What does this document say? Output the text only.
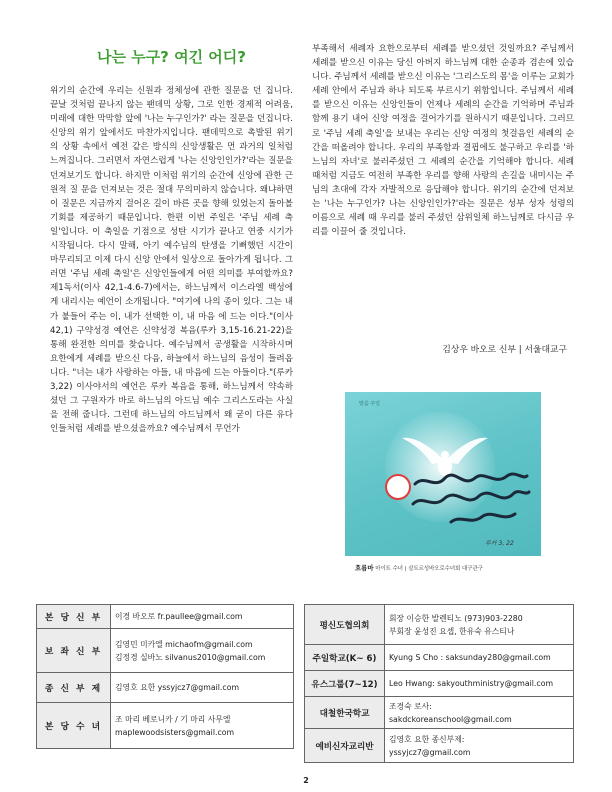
나는 누구? 여긴 어디?

위기의 순간에 우리는 신원과 정체성에 관한 질문을 던 집니다. 끝날 것처럼 끝나지 않는 팬데믹 상황, 그로 인한 경제적 어려움, 미래에 대한 막막함 앞에 '나는 누구인가?' 라는 질문을 던집니다. 신앙의 위기 앞에서도 마찬가지입니다. 팬데믹으로 촉발된 위기의 상황 속에서 예전 같은 방식의 신앙생활은 먼 과거의 일처럼 느껴집니다. 그러면서 자연스럽게 '나는 신앙인인가?'라는 질문을 던져보기도 합니다. 하지만 이처럼 위기의 순간에 신앙에 관한 근원적 질 문을 던져보는 것은 절대 무의미하지 않습니다. 왜냐하면 이 질문은 지금까지 걸어온 길이 바른 곳을 향해 있었는지 돌아볼 기회를 제공하기 때문입니다. 한편 이번 주일은 '주님 세례 축일'입니다. 이 축일을 기점으로 성탄 시기가 끝나고 연중 시기가 시작됩니다. 다시 말해, 아기 예수님의 탄생을 기뻐했던 시간이 마무리되고 이제 다시 신앙 안에서 일상으로 돌아가게 됩니다. 그러면 '주님 세례 축일'은 신앙인들에게 어떤 의미를 부여할까요? 제1독서(이사 42,1-4.6-7)에서는, 하느님께서 이스라엘 백성에게 내리시는 예언이 소개됩니다. "여기에 나의 종이 있다. 그는 내가 붙들어 주는 이, 내가 선택한 이, 내 마음 에 드는 이다."(이사 42,1) 구약성경 예언은 신약성경 복음(루카 3,15-16.21-22)을 통해 완전한 의미를 찾습니다. 예수님께서 공생활을 시작하시며 요한에게 세례를 받으신 다음, 하늘에서 하느님의 음성이 들려옵니다. "너는 내가 사랑하는 아들, 내 마음에 드는 아들이다."(루카 3,22) 이사야서의 예언은 루카 복음을 통해, 하느님께서 약속하셨던 그 구원자가 바로 하느님의 아드님 예수 그리스도라는 사실을 전해 줍니다. 그런데 하느님의 아드님께서 왜 굳이 다른 유다인들처럼 세례를 받으셨을까요? 예수님께서 무언가

부족해서 세례자 요한으로부터 세례를 받으셨던 것일까요? 주님께서 세례를 받으신 이유는 당신 아버지 하느님께 대한 순종과 겸손에 있습니다. 주님께서 세례를 받으신 이유는 '그리스도의 몸'을 이루는 교회가 세례 안에서 주님과 하나 되도록 부르시기 위함입니다. 주님께서 세례를 받으신 이유는 신앙인들이 언제나 세례의 순간을 기억하며 주님과 함께 용기 내어 신앙 여정을 걸어가기를 원하시기 때문입니다. 그러므로 '주님 세례 축일'을 보내는 우리는 신앙 여정의 첫걸음인 세례의 순간을 떠올려야 합니다. 우리의 부족함과 결핍에도 불구하고 우리를 '하느님의 자녀'로 불러주셨던 그 세례의 순간을 기억해야 합니다. 세례 때처럼 지금도 여전히 부족한 우리를 향해 사랑의 손길을 내미시는 주님의 초대에 각자 자발적으로 응답해야 합니다. 위기의 순간에 던져보는 '나는 누구인가? 나는 신앙인인가?'라는 질문은 성부 성자 성령의 이름으로 세례 때 우리를 불러 주셨던 삼위일체 하느님께로 다시금 우리를 이끌어 줄 것입니다.

김상우 바오로 신부 | 서울대교구
말씀 주일
루카 3, 22
흐름마 마이트 수녀 | 살트르성바오로수녀회 대구관구
본 당 신 부	이경 바오로 fr.paullee@gmail.com

보 좌 신 부	김영민 미카엘 michaofm@gmail.com
김정경 실바노 silvanus2010@gmail.com

종 신 부 제	김영호 요한 yssyjcz7@gmail.com

본 당 수 녀	조 마리 베로니카 / 기 마리 사무엘
maplewoodsisters@gmail.com
평신도협의회	회장 이승한 발렌티노 (973)903-2280
부회장 윤성진 요셉, 한유숙 유스티나

주일학교(K~ 6)	Kyung S Cho : saksunday280@gmail.com

유스그룹(7~12)	Leo Hwang: sakyouthministry@gmail.com

대철한국학교	조경숙 로사:
sakdckoreanschool@gmail.com

예비신자교리반	김영호 요한 종신부제:
yssyjcz7@gmail.com
2
